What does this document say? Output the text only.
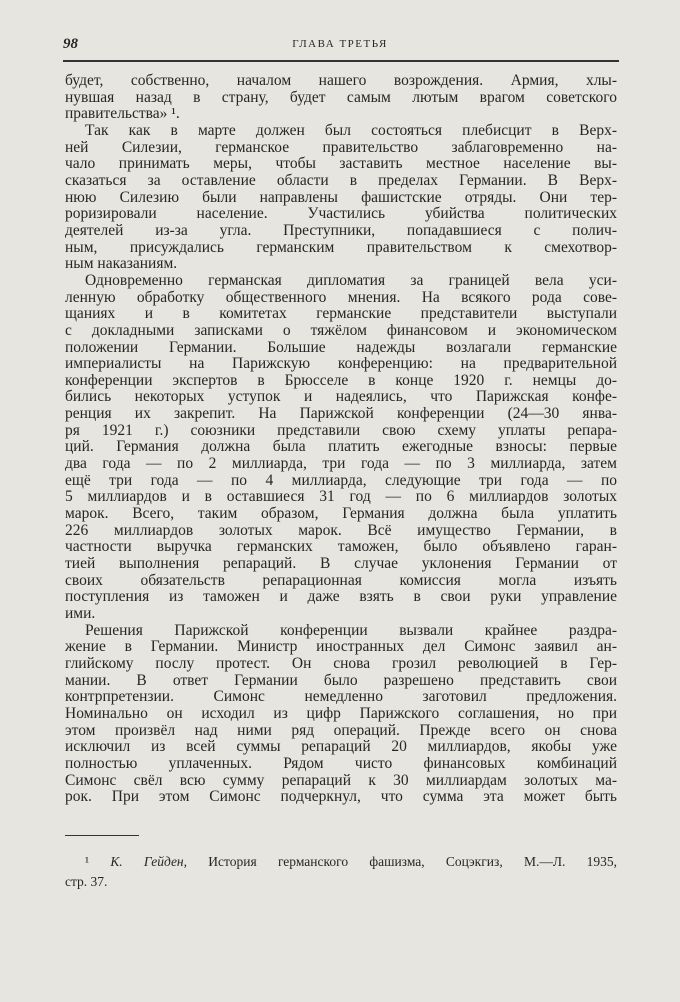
98	ГЛАВА ТРЕТЬЯ
будет, собственно, началом нашего возрождения. Армия, хлы-
нувшая назад в страну, будет самым лютым врагом советского
правительства» ¹.
Так как в марте должен был состояться плебисцит в Верх-
ней Силезии, германское правительство заблаговременно на-
чало принимать меры, чтобы заставить местное население вы-
сказаться за оставление области в пределах Германии. В Верх-
нюю Силезию были направлены фашистские отряды. Они тер-
роризировали население. Участились убийства политических
деятелей из-за угла. Преступники, попадавшиеся с полич-
ным, присуждались германским правительством к смехотвор-
ным наказаниям.
Одновременно германская дипломатия за границей вела уси-
ленную обработку общественного мнения. На всякого рода сове-
щаниях и в комитетах германские представители выступали
с докладными записками о тяжёлом финансовом и экономическом
положении Германии. Большие надежды возлагали германские
империалисты на Парижскую конференцию: на предварительной
конференции экспертов в Брюсселе в конце 1920 г. немцы до-
бились некоторых уступок и надеялись, что Парижская конфе-
ренция их закрепит. На Парижской конференции (24—30 янва-
ря 1921 г.) союзники представили свою схему уплаты репара-
ций. Германия должна была платить ежегодные взносы: первые
два года — по 2 миллиарда, три года — по 3 миллиарда, затем
ещё три года — по 4 миллиарда, следующие три года — по
5 миллиардов и в оставшиеся 31 год — по 6 миллиардов золотых
марок. Всего, таким образом, Германия должна была уплатить
226 миллиардов золотых марок. Всё имущество Германии, в
частности выручка германских таможен, было объявлено гаран-
тией выполнения репараций. В случае уклонения Германии от
своих обязательств репарационная комиссия могла изъять
поступления из таможен и даже взять в свои руки управление
ими.
Решения Парижской конференции вызвали крайнее раздра-
жение в Германии. Министр иностранных дел Симонс заявил ан-
глийскому послу протест. Он снова грозил революцией в Гер-
мании. В ответ Германии было разрешено представить свои
контрпретензии. Симонс немедленно заготовил предложения.
Номинально он исходил из цифр Парижского соглашения, но при
этом произвёл над ними ряд операций. Прежде всего он снова
исключил из всей суммы репараций 20 миллиардов, якобы уже
полностью уплаченных. Рядом чисто финансовых комбинаций
Симонс свёл всю сумму репараций к 30 миллиардам золотых ма-
рок. При этом Симонс подчеркнул, что сумма эта может быть
¹ К. Гейден, История германского фашизма, Соцэкгиз, М.—Л. 1935,
стр. 37.
